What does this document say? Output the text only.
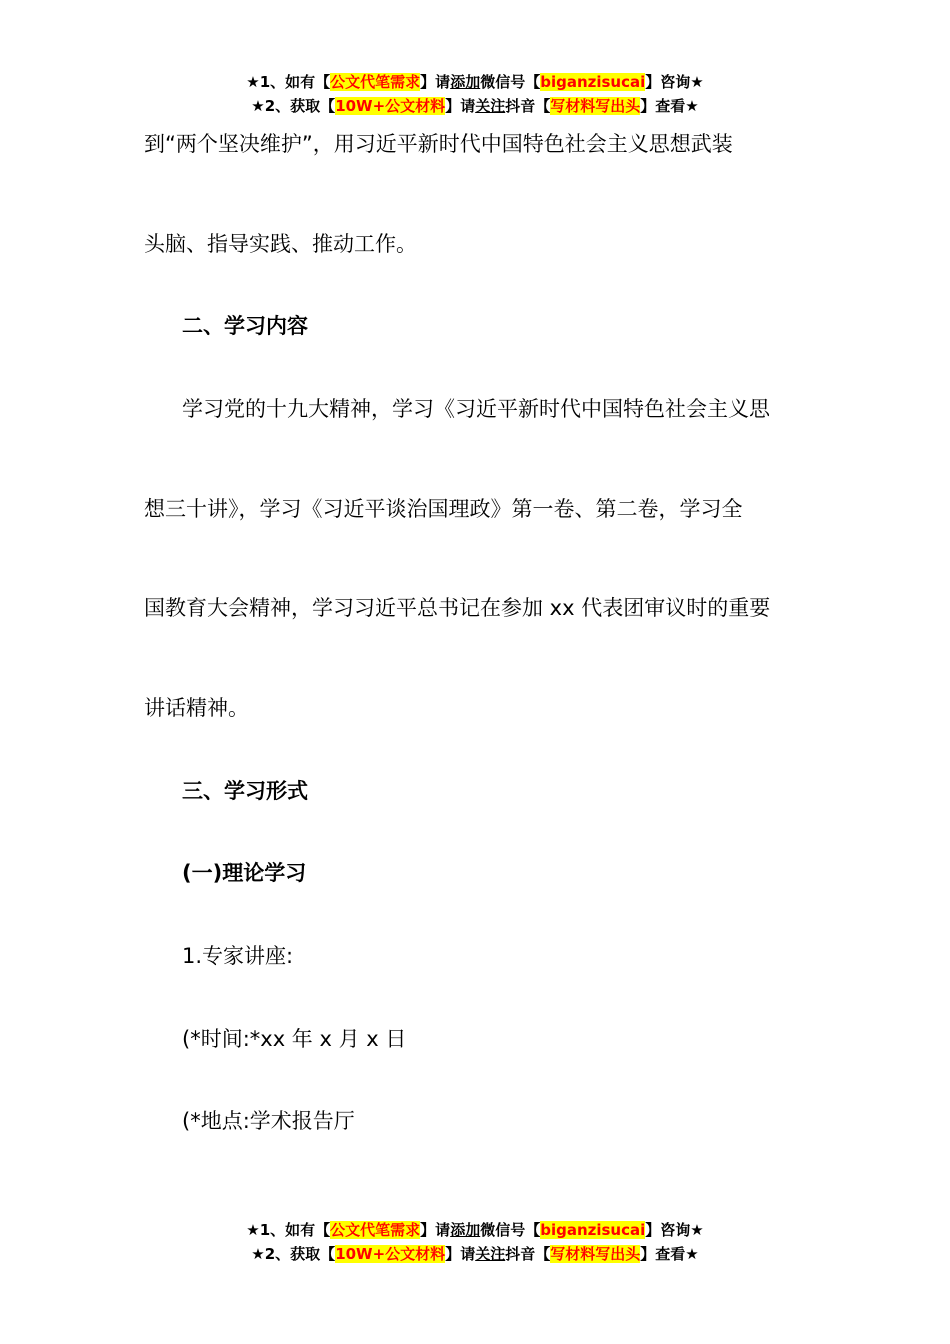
★1、如有【公文代笔需求】请添加微信号【biganzisucai】咨询★
★2、获取【10W+公文材料】请关注抖音【写材料写出头】查看★
到“两个坚决维护”，用习近平新时代中国特色社会主义思想武装
头脑、指导实践、推动工作。
二、学习内容
学习党的十九大精神，学习《习近平新时代中国特色社会主义思
想三十讲》，学习《习近平谈治国理政》第一卷、第二卷，学习全
国教育大会精神，学习习近平总书记在参加 xx 代表团审议时的重要
讲话精神。
三、学习形式
(一)理论学习
1.专家讲座:
(*时间:*xx 年 x 月 x 日
(*地点:学术报告厅
★1、如有【公文代笔需求】请添加微信号【biganzisucai】咨询★
★2、获取【10W+公文材料】请关注抖音【写材料写出头】查看★
